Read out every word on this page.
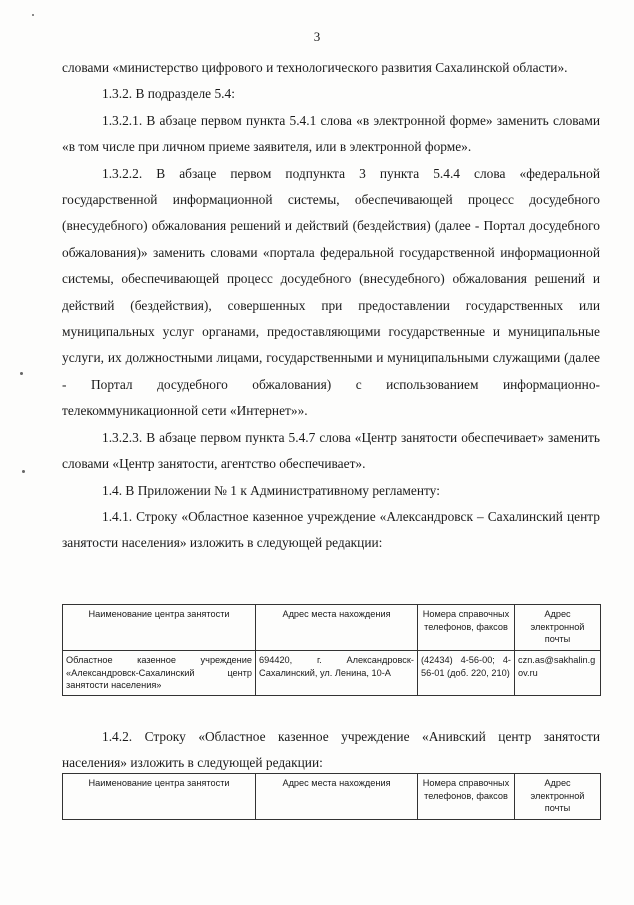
3

словами «министерство цифрового и технологического развития Сахалинской области».

1.3.2. В подразделе 5.4:

1.3.2.1. В абзаце первом пункта 5.4.1 слова «в электронной форме» заменить словами «в том числе при личном приеме заявителя, или в электронной форме».

1.3.2.2. В абзаце первом подпункта 3 пункта 5.4.4 слова «федеральной государственной информационной системы, обеспечивающей процесс досудебного (внесудебного) обжалования решений и действий (бездействия) (далее - Портал досудебного обжалования)» заменить словами «портала федеральной государственной информационной системы, обеспечивающей процесс досудебного (внесудебного) обжалования решений и действий (бездействия), совершенных при предоставлении государственных или муниципальных услуг органами, предоставляющими государственные и муниципальные услуги, их должностными лицами, государственными и муниципальными служащими (далее - Портал досудебного обжалования) с использованием информационно-телекоммуникационной сети «Интернет»».

1.3.2.3. В абзаце первом пункта 5.4.7 слова «Центр занятости обеспечивает» заменить словами «Центр занятости, агентство обеспечивает».

1.4. В Приложении № 1 к Административному регламенту:

1.4.1. Строку «Областное казенное учреждение «Александровск – Сахалинский центр занятости населения» изложить в следующей редакции:

Наименование центра занятости	Адрес места нахождения	Номера справочных телефонов, факсов	Адрес электронной почты
Областное казенное учреждение «Александровск-Сахалинский центр занятости населения»	694420, г. Александровск-Сахалинский, ул. Ленина, 10-А	(42434) 4-56-00; 4-56-01 (доб. 220, 210)	czn.as@sakhalin.gov.ru

1.4.2. Строку «Областное казенное учреждение «Анивский центр занятости населения» изложить в следующей редакции:

Наименование центра занятости	Адрес места нахождения	Номера справочных телефонов, факсов	Адрес электронной почты
